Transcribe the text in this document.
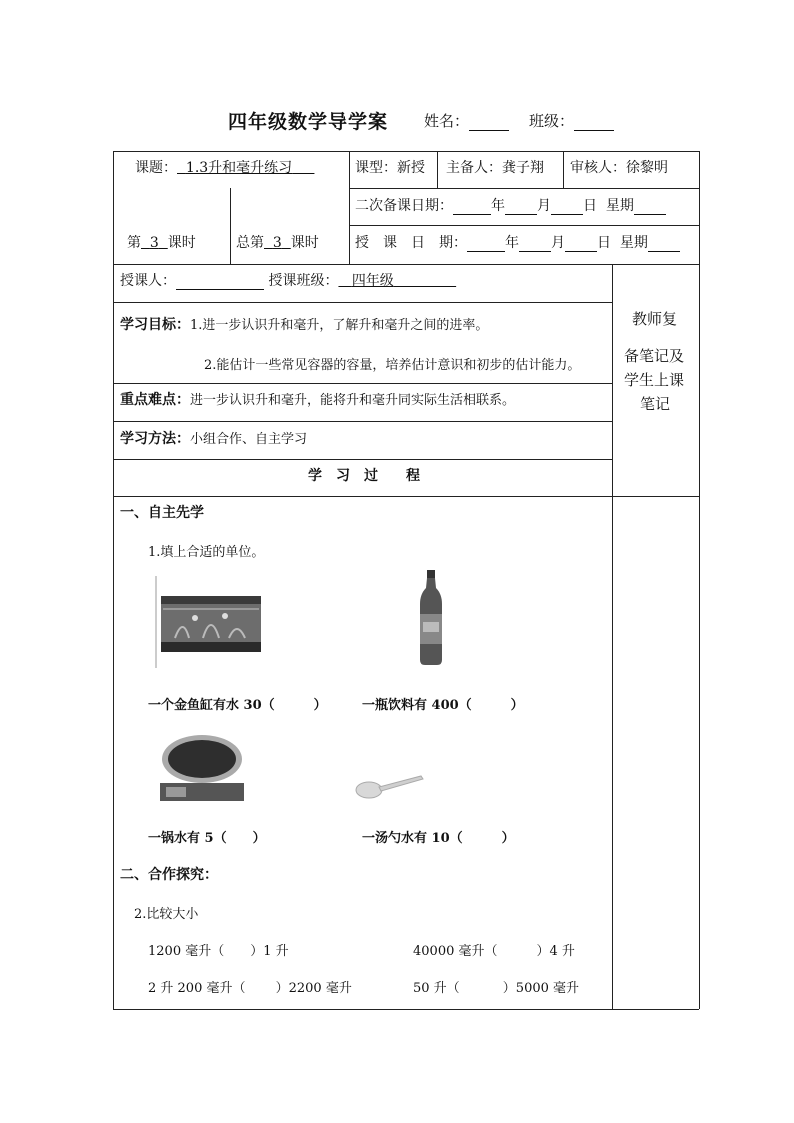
四年级数学导学案 姓名：	班级：
课题： 1.3升和毫升练习	课型：新授 主备人：龚子翔 审核人：徐黎明
第 3 课时	总第 3 课时
二次备课日期：	年 月 日 星期
授　课　日　期：	年 月 日 星期
授课人：	授课班级： 四年级
教师复
备笔记及
学生上课
笔记
学习目标：1.进一步认识升和毫升，了解升和毫升之间的进率。
2.能估计一些常见容器的容量，培养估计意识和初步的估计能力。
重点难点：进一步认识升和毫升，能将升和毫升同实际生活相联系。
学习方法：小组合作、自主学习
学　习　过　　程
一、自主先学
1.填上合适的单位。
一个金鱼缸有水 30（　　　）	一瓶饮料有 400（　　　）
一锅水有 5（　　）	一汤勺水有 10（　　　）
二、合作探究：
2.比较大小
1200 毫升（　　）1 升	40000 毫升（　　　）4 升
2 升 200 毫升（　　 ）2200 毫升	50 升（　　　 ）5000 毫升
